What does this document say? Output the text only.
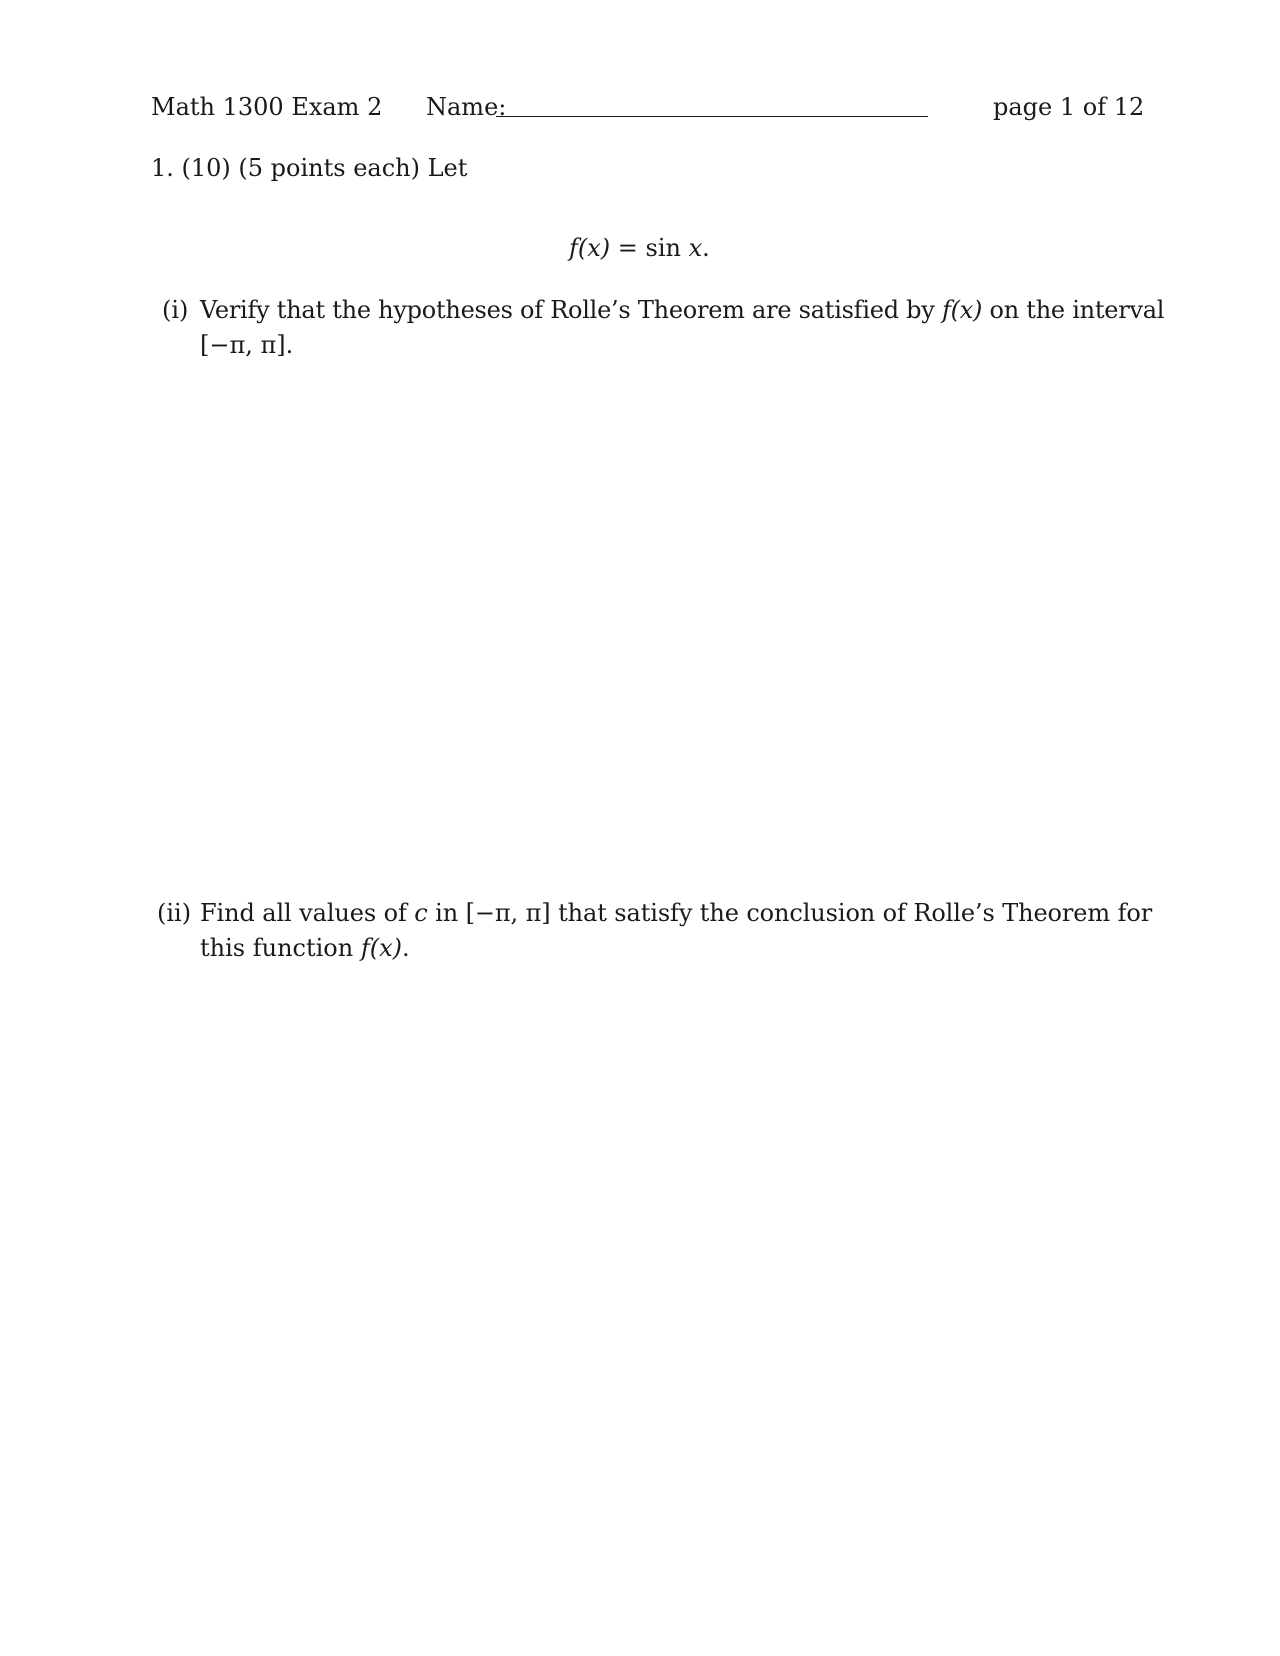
Math 1300 Exam 2 Name:	page 1 of 12
1. (10) (5 points each) Let
f(x) = sin x.
(i) Verify that the hypotheses of Rolle’s Theorem are satisfied by f(x) on the interval
[−π, π].
(ii) Find all values of c in [−π, π] that satisfy the conclusion of Rolle’s Theorem for
this function f(x).
